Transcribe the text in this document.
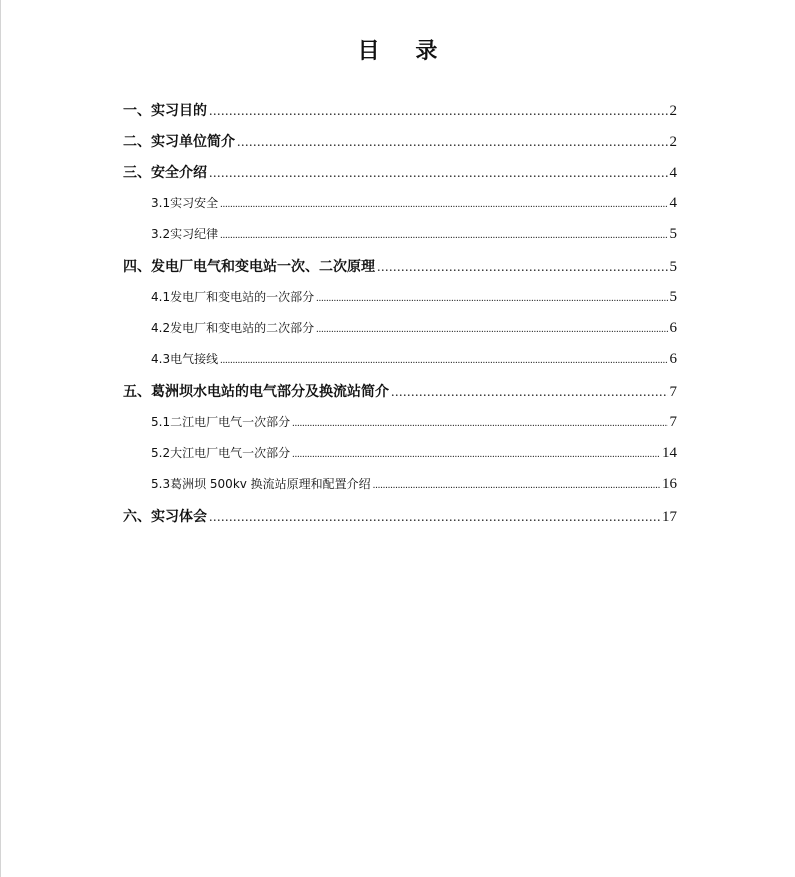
目 录
一、 实习目的 .....	2
二、 实习单位简介 .....	2
三、 安全介绍 .....	4
3.1 实习安全 .....	4
3.2 实习纪律 .....	5
四、 发电厂电气和变电站一次、二次原理 .....	5
4.1 发电厂和变电站的一次部分 .....	5
4.2 发电厂和变电站的二次部分 .....	6
4.3 电气接线 .....	6
五、 葛洲坝水电站的电气部分及换流站简介 .....	7
5.1 二江电厂电气一次部分 .....	7
5.2 大江电厂电气一次部分 .....	14
5.3 葛洲坝 500kv 换流站原理和配置介绍 .....	16
六、 实习体会 .....	17
